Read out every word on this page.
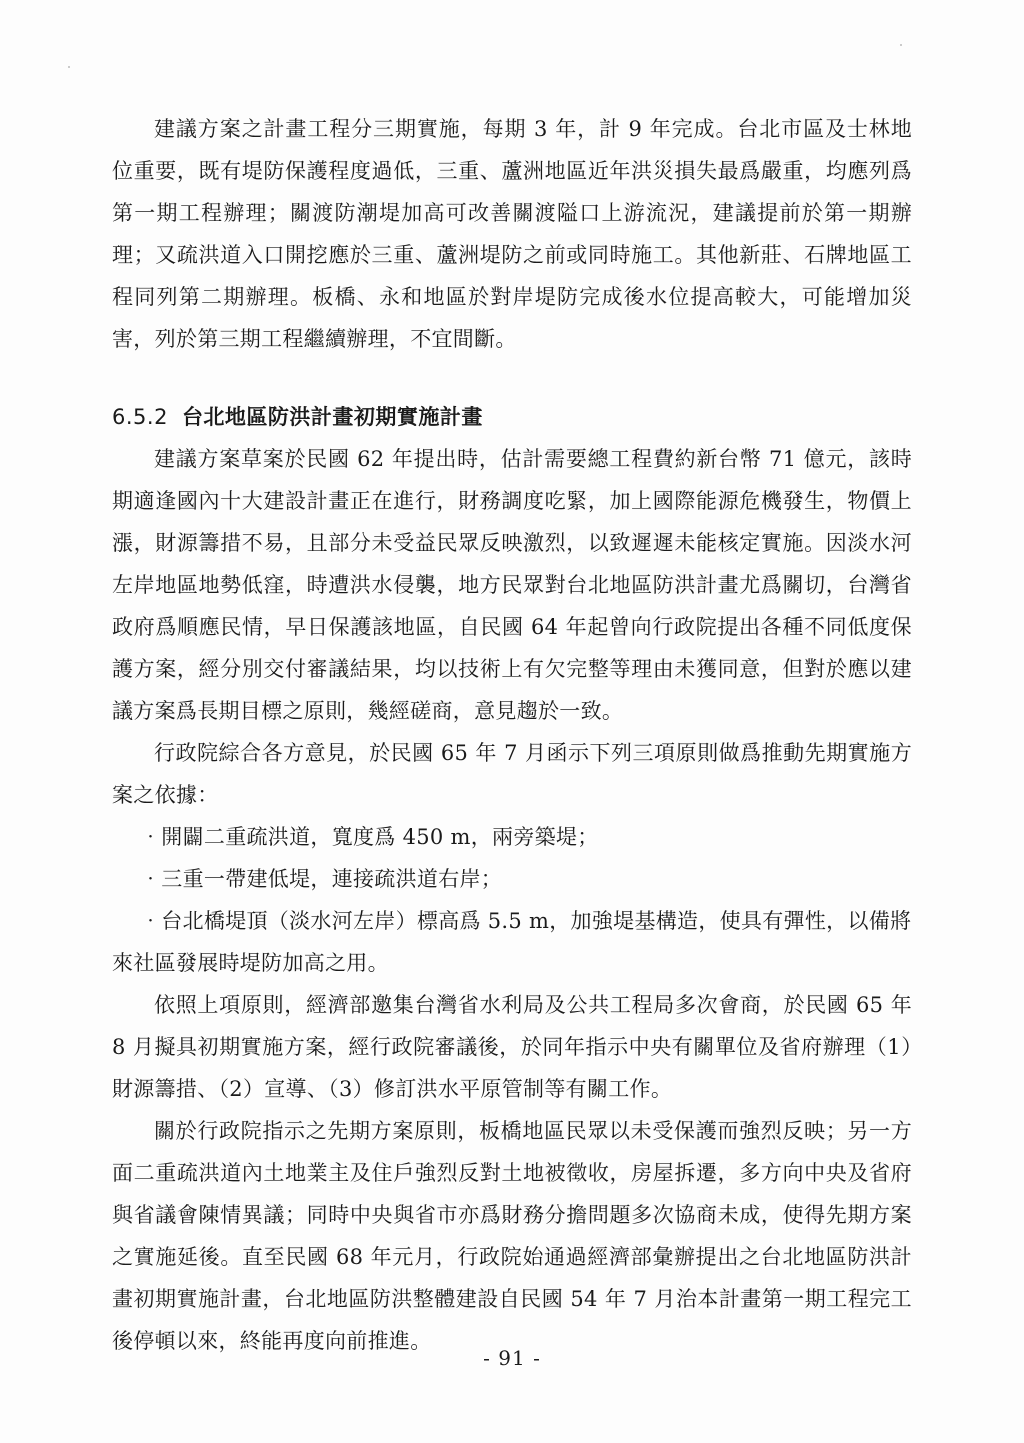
建議方案之計畫工程分三期實施，每期 3 年，計 9 年完成。台北市區及士林地位重要，既有堤防保護程度過低，三重、蘆洲地區近年洪災損失最爲嚴重，均應列爲第一期工程辦理；關渡防潮堤加高可改善關渡隘口上游流況，建議提前於第一期辦理；又疏洪道入口開挖應於三重、蘆洲堤防之前或同時施工。其他新莊、石牌地區工程同列第二期辦理。板橋、永和地區於對岸堤防完成後水位提高較大，可能增加災害，列於第三期工程繼續辦理，不宜間斷。

6.5.2 台北地區防洪計畫初期實施計畫

建議方案草案於民國 62 年提出時，估計需要總工程費約新台幣 71 億元，該時期適逢國內十大建設計畫正在進行，財務調度吃緊，加上國際能源危機發生，物價上漲，財源籌措不易，且部分未受益民眾反映激烈，以致遲遲未能核定實施。因淡水河左岸地區地勢低窪，時遭洪水侵襲，地方民眾對台北地區防洪計畫尤爲關切，台灣省政府爲順應民情，早日保護該地區，自民國 64 年起曾向行政院提出各種不同低度保護方案，經分別交付審議結果，均以技術上有欠完整等理由未獲同意，但對於應以建議方案爲長期目標之原則，幾經磋商，意見趨於一致。

行政院綜合各方意見，於民國 65 年 7 月函示下列三項原則做爲推動先期實施方案之依據：

‧開闢二重疏洪道，寬度爲 450 m，兩旁築堤；

‧三重一帶建低堤，連接疏洪道右岸；

‧台北橋堤頂（淡水河左岸）標高爲 5.5 m，加強堤基構造，使具有彈性，以備將來社區發展時堤防加高之用。

依照上項原則，經濟部邀集台灣省水利局及公共工程局多次會商，於民國 65 年 8 月擬具初期實施方案，經行政院審議後，於同年指示中央有關單位及省府辦理（1）財源籌措、（2）宣導、（3）修訂洪水平原管制等有關工作。

關於行政院指示之先期方案原則，板橋地區民眾以未受保護而強烈反映；另一方面二重疏洪道內土地業主及住戶強烈反對土地被徵收，房屋拆遷，多方向中央及省府與省議會陳情異議；同時中央與省市亦爲財務分擔問題多次協商未成，使得先期方案之實施延後。直至民國 68 年元月，行政院始通過經濟部彙辦提出之台北地區防洪計畫初期實施計畫，台北地區防洪整體建設自民國 54 年 7 月治本計畫第一期工程完工後停頓以來，終能再度向前推進。

- 91 -
